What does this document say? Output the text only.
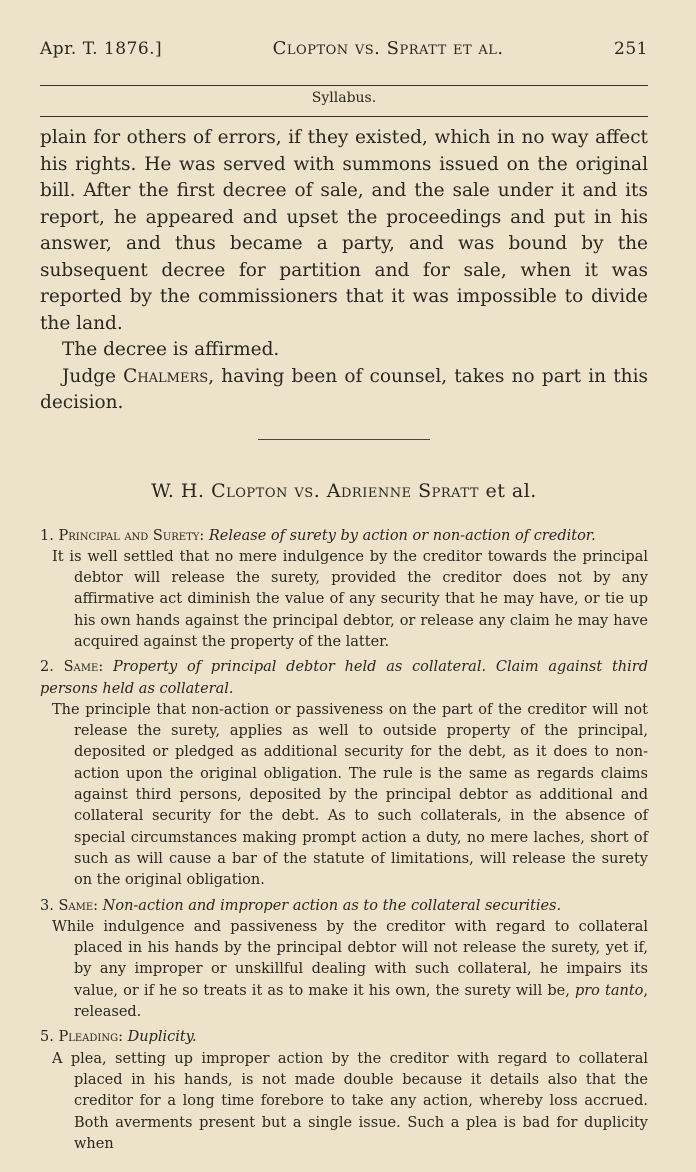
Apr. T. 1876.]	Clopton vs. Spratt et al.	251
Syllabus.

plain for others of errors, if they existed, which in no way affect his rights. He was served with summons issued on the original bill. After the first decree of sale, and the sale under it and its report, he appeared and upset the proceedings and put in his answer, and thus became a party, and was bound by the subsequent decree for partition and for sale, when it was reported by the commissioners that it was impossible to divide the land.

The decree is affirmed.

Judge Chalmers, having been of counsel, takes no part in this decision.

W. H. Clopton vs. Adrienne Spratt et al.

1. Principal and Surety: Release of surety by action or non-action of creditor.

It is well settled that no mere indulgence by the creditor towards the principal debtor will release the surety, provided the creditor does not by any affirmative act diminish the value of any security that he may have, or tie up his own hands against the principal debtor, or release any claim he may have acquired against the property of the latter.

2. Same: Property of principal debtor held as collateral. Claim against third persons held as collateral.

The principle that non-action or passiveness on the part of the creditor will not release the surety, applies as well to outside property of the principal, deposited or pledged as additional security for the debt, as it does to non-action upon the original obligation. The rule is the same as regards claims against third persons, deposited by the principal debtor as additional and collateral security for the debt. As to such collaterals, in the absence of special circumstances making prompt action a duty, no mere laches, short of such as will cause a bar of the statute of limitations, will release the surety on the original obligation.

3. Same: Non-action and improper action as to the collateral securities.

While indulgence and passiveness by the creditor with regard to collateral placed in his hands by the principal debtor will not release the surety, yet if, by any improper or unskillful dealing with such collateral, he impairs its value, or if he so treats it as to make it his own, the surety will be, pro tanto, released.

5. Pleading: Duplicity.

A plea, setting up improper action by the creditor with regard to collateral placed in his hands, is not made double because it details also that the creditor for a long time forebore to take any action, whereby loss accrued. Both averments present but a single issue. Such a plea is bad for duplicity when
